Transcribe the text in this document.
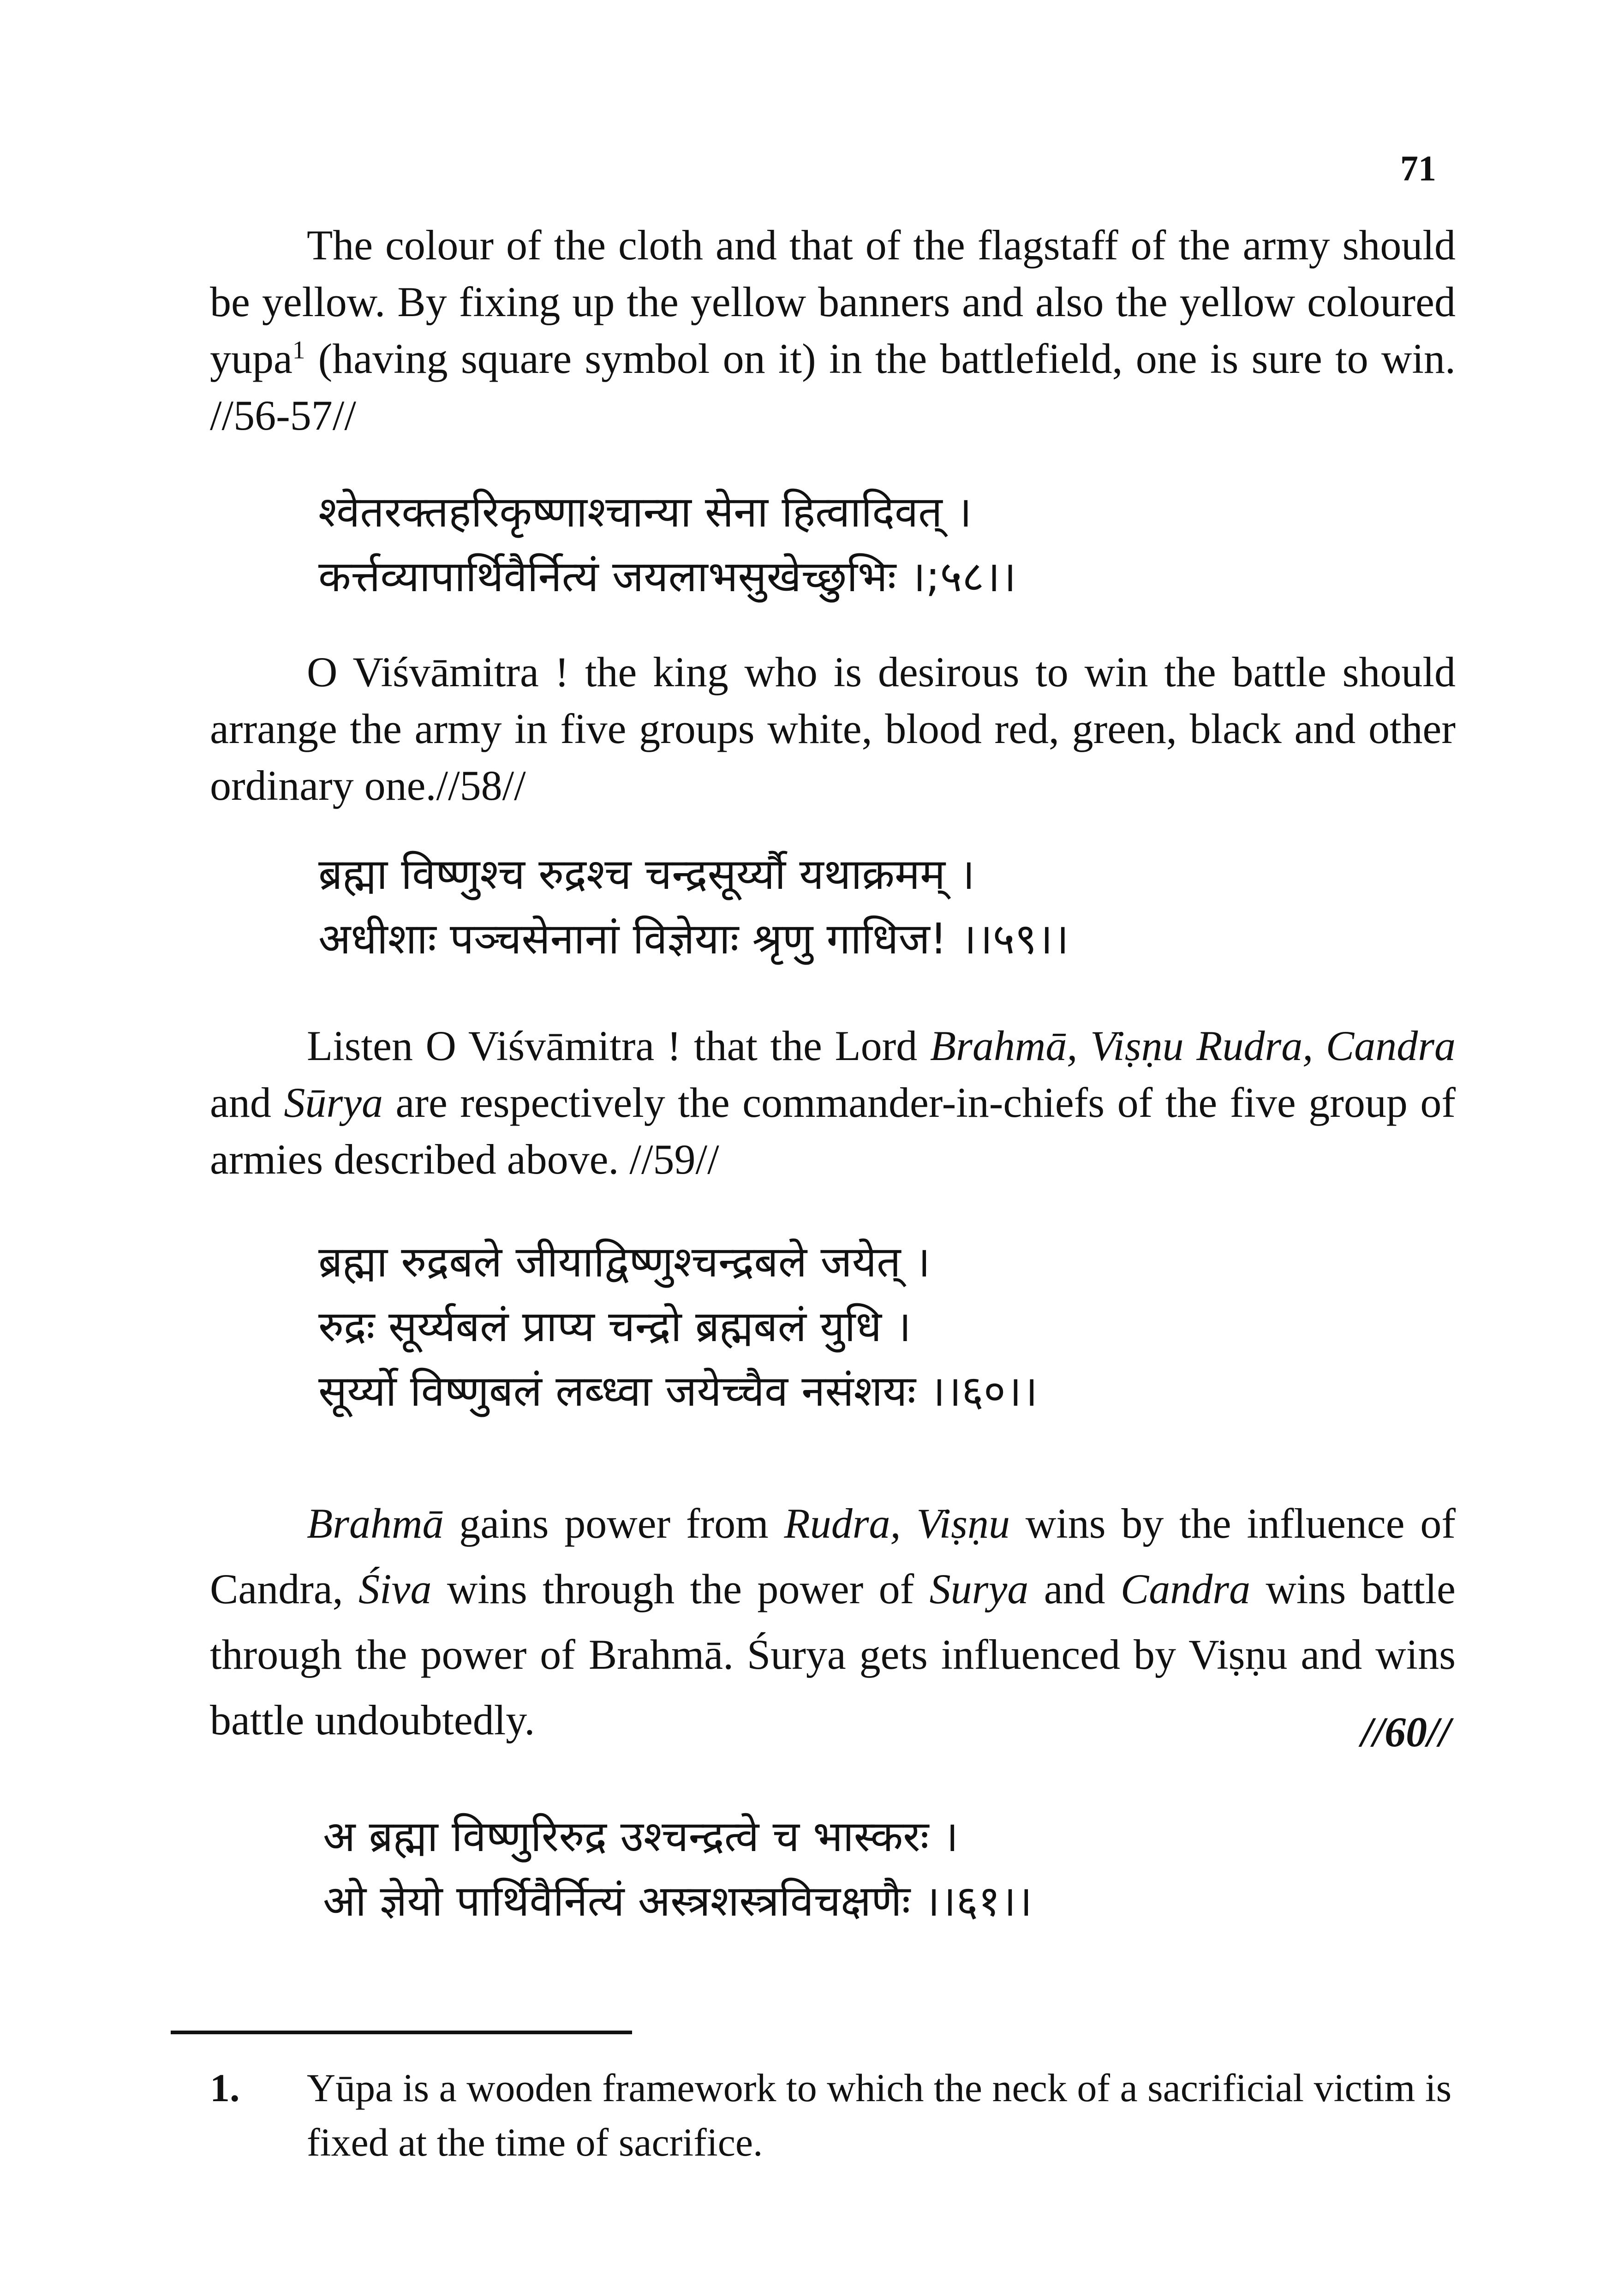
71

The colour of the cloth and that of the flagstaff of the army should be yellow. By fixing up the yellow banners and also the yellow coloured yupa$^1$ (having square symbol on it) in the battlefield, one is sure to win. //56-57//

श्वेतरक्तहरिकृष्णाश्चान्या सेना हित्वादिवत् ।
कर्त्तव्यापार्थिवैर्नित्यं जयलाभसुखेच्छुभिः ।;५८।।

O Viśvāmitra ! the king who is desirous to win the battle should arrange the army in five groups white, blood red, green, black and other ordinary one.//58//

ब्रह्मा विष्णुश्च रुद्रश्च चन्द्रसूर्य्यौ यथाक्रमम् ।
अधीशाः पञ्चसेनानां विज्ञेयाः श्रृणु गाधिज! ।।५९।।

Listen O Viśvāmitra ! that the Lord Brahmā, Viṣṇu Rudra, Candra and Sūrya are respectively the commander-in-chiefs of the five group of armies described above. //59//

ब्रह्मा रुद्रबले जीयाद्विष्णुश्चन्द्रबले जयेत् ।
रुद्रः सूर्य्यबलं प्राप्य चन्द्रो ब्रह्मबलं युधि ।
सूर्य्यो विष्णुबलं लब्ध्वा जयेच्चैव नसंशयः ।।६०।।

Brahmā gains power from Rudra, Viṣṇu wins by the influence of Candra, Śiva wins through the power of Surya and Candra wins battle through the power of Brahmā. Śurya gets influenced by Viṣṇu and wins battle undoubtedly.	//60//
अ ब्रह्मा विष्णुरिरुद्र उश्चन्द्रत्वे च भास्करः ।
ओ ज्ञेयो पार्थिवैर्नित्यं अस्त्रशस्त्रविचक्षणैः ।।६१।।
1.	Yūpa is a wooden framework to which the neck of a sacrificial victim is fixed at the time of sacrifice.
